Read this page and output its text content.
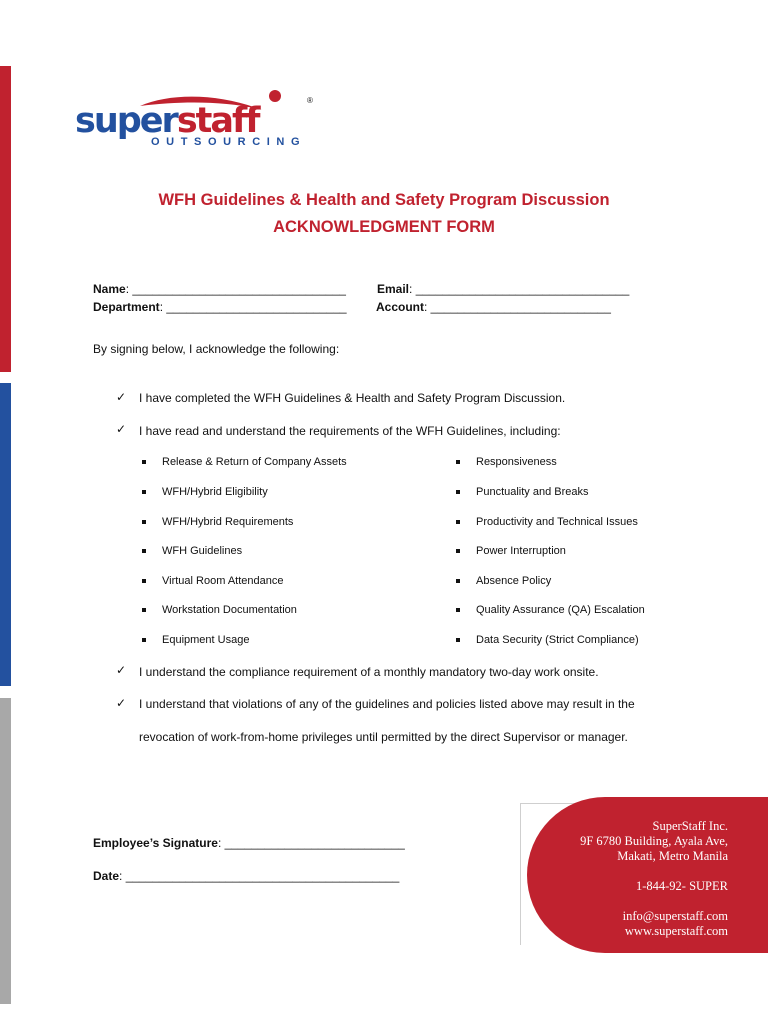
superstaff
®
OUTSOURCING
WFH Guidelines & Health and Safety Program Discussion
ACKNOWLEDGMENT FORM
Name: ________________________________	Email: ________________________________
Department: ___________________________ Account: ___________________________
By signing below, I acknowledge the following:
✓ I have completed the WFH Guidelines & Health and Safety Program Discussion.
✓ I have read and understand the requirements of the WFH Guidelines, including:
Release & Return of Company Assets
WFH/Hybrid Eligibility
WFH/Hybrid Requirements
WFH Guidelines
Virtual Room Attendance
Workstation Documentation
Equipment Usage
Responsiveness
Punctuality and Breaks
Productivity and Technical Issues
Power Interruption
Absence Policy
Quality Assurance (QA) Escalation
Data Security (Strict Compliance)
✓ I understand the compliance requirement of a monthly mandatory two-day work onsite.
✓ I understand that violations of any of the guidelines and policies listed above may result in the
revocation of work-from-home privileges until permitted by the direct Supervisor or manager.
Employee’s Signature: ___________________________
Date: _________________________________________
SuperStaff Inc.
9F 6780 Building, Ayala Ave,
Makati, Metro Manila
1-844-92- SUPER
info@superstaff.com
www.superstaff.com
